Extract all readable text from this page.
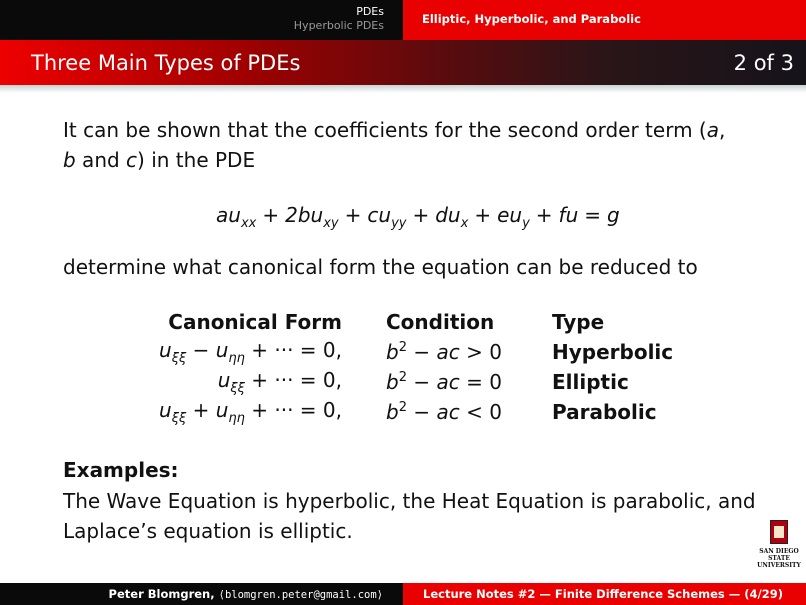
PDEs
Hyperbolic PDEs	Elliptic, Hyperbolic, and Parabolic
Three Main Types of PDEs	2 of 3

It can be shown that the coefficients for the second order term (a,
b and c) in the PDE

$au_{xx} + 2bu_{xy} + cu_{yy} + du_x + eu_y$ + fu = g
determine what canonical form the equation can be reduced to
Canonical Form	Condition	Type
$u_{\xi\xi} - u_{\eta\eta}$ + ··· = 0,	$b^2$ − ac > 0	Hyperbolic
$u_{\xi\xi}$ + ··· = 0,	$b^2$ − ac = 0	Elliptic
$u_{\xi\xi} + u_{\eta\eta}$ + ··· = 0,	$b^2$ − ac < 0	Parabolic
Examples:
The Wave Equation is hyperbolic, the Heat Equation is parabolic, and Laplace’s equation is elliptic.
SAN DIEGO STATE
UNIVERSITY
Peter Blomgren, ⟨blomgren.peter@gmail.com⟩	Lecture Notes #2 — Finite Difference Schemes — (4/29)
